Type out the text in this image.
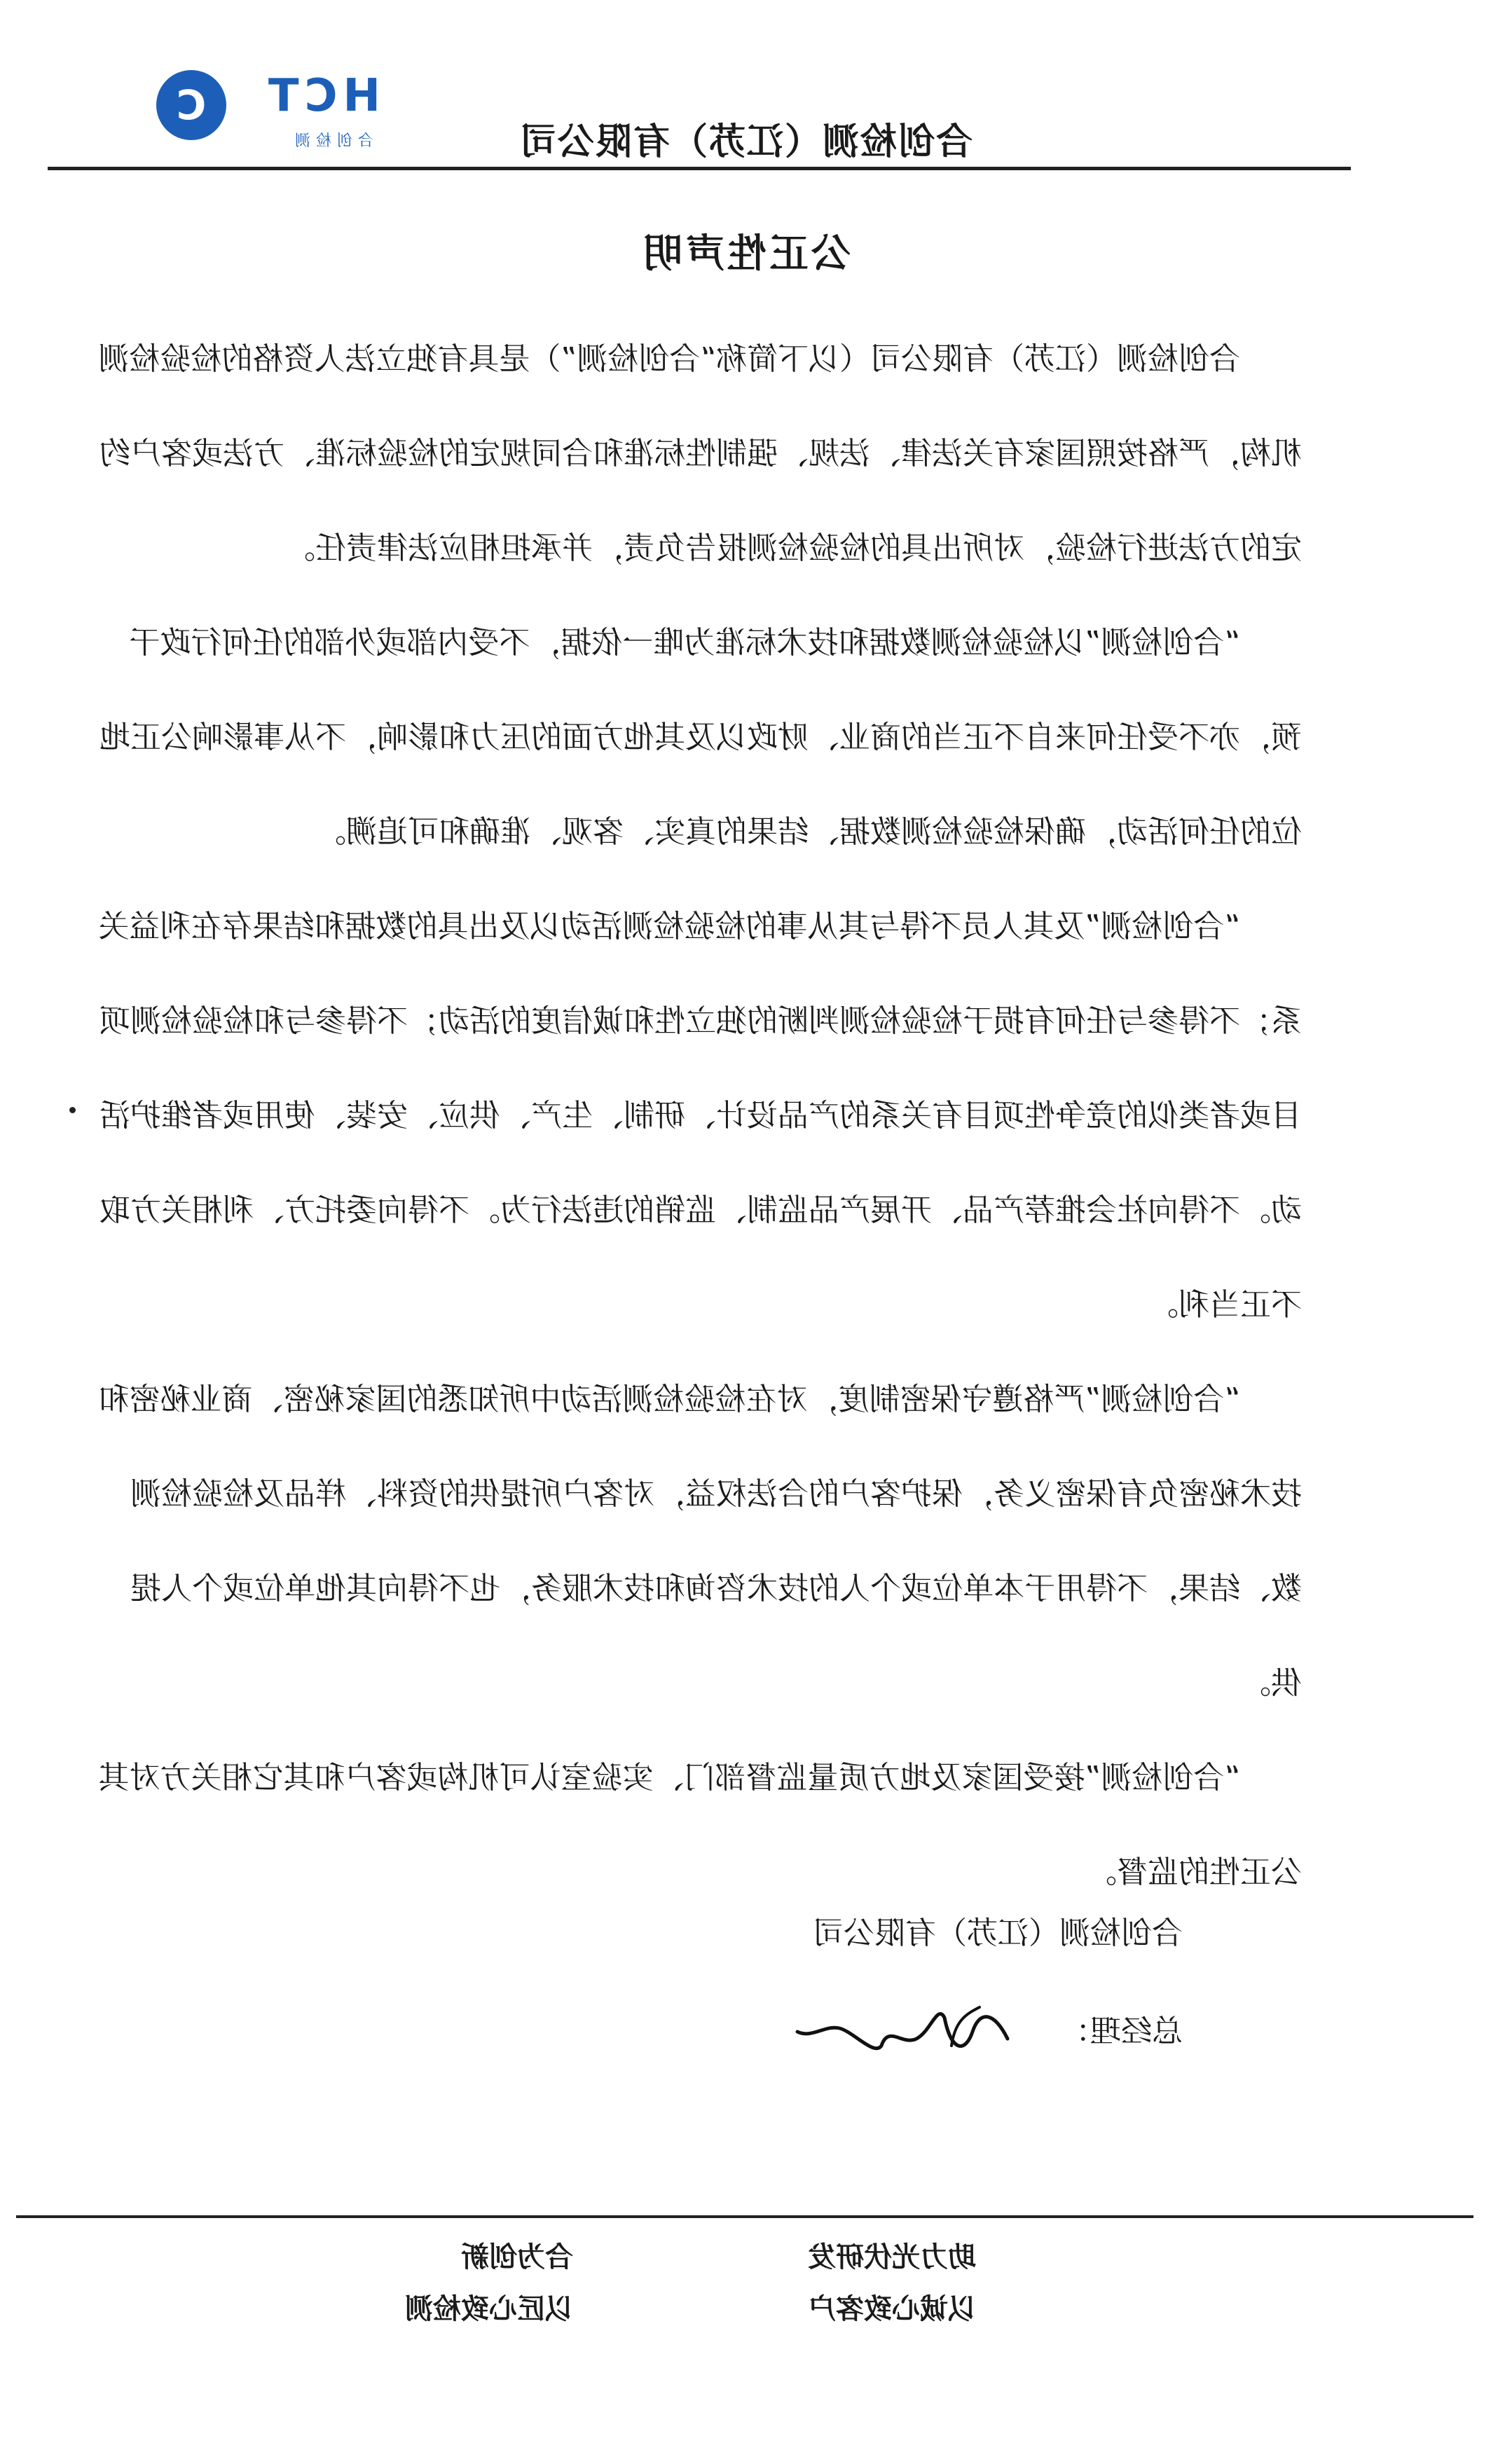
HCT
合创检测
C
合创检测（江苏）有限公司
公正性声明

合创检测（江苏）有限公司（以下简称“合创检测”）是具有独立法人资格的检验检测机构，严格按照国家有关法律、法规、强制性标准和合同规定的检验标准、方法或客户约定的方法进行检验，对所出具的检验检测报告负责，并承担相应法律责任。

“合创检测”以检验检测数据和技术标准为唯一依据，不受内部或外部的任何行政干预，亦不受任何来自不正当的商业、财政以及其他方面的压力和影响，不从事影响公正地位的任何活动，确保检验检测数据、结果的真实、客观、准确和可追溯。

“合创检测”及其人员不得与其从事的检验检测活动以及出具的数据和结果存在利益关系；不得参与任何有损于检验检测判断的独立性和诚信度的活动；不得参与和检验检测项目或者类似的竞争性项目有关系的产品设计、研制、生产、供应、安装、使用或者维护活动。不得向社会推荐产品、开展产品监制、监销的违法行为。不得向委托方、利相关方取不正当利。

“合创检测”严格遵守保密制度，对在检验检测活动中所知悉的国家秘密、商业秘密和技术秘密负有保密义务，保护客户的合法权益，对客户所提供的资料、样品及检验检测数、结果，不得用于本单位或个人的技术咨询和技术服务，也不得向其他单位或个人提供。

“合创检测”接受国家及地方质量监督部门、实验室认可机构或客户和其它相关方对其公正性的监督。

合创检测（江苏）有限公司
总经理：
合为创新
以匠心致检测
助力光伏研发
以诚心致客户
